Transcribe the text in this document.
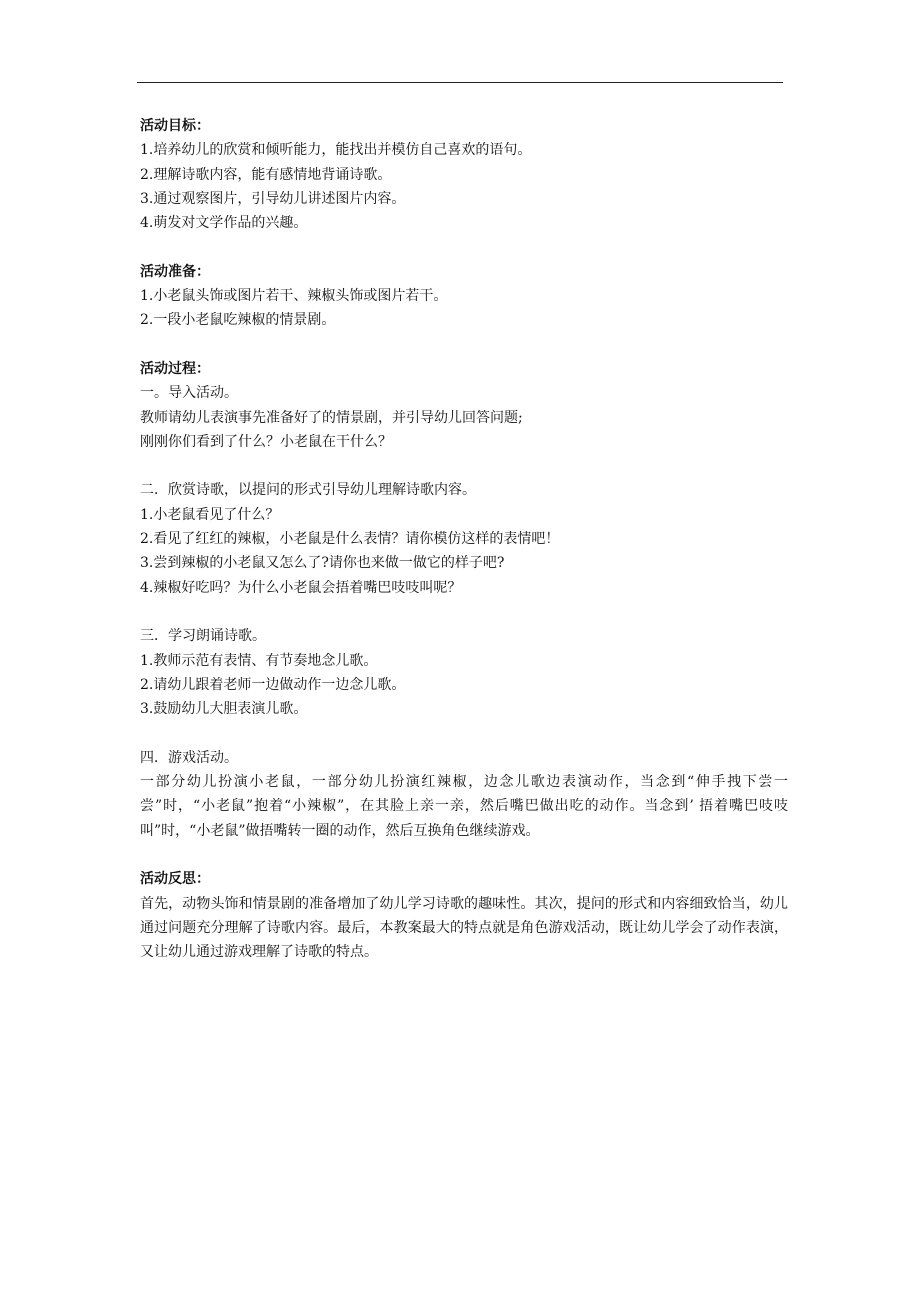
活动目标：
1.培养幼儿的欣赏和倾听能力，能找出并模仿自己喜欢的语句。
2.理解诗歌内容，能有感情地背诵诗歌。
3.通过观察图片，引导幼儿讲述图片内容。
4.萌发对文学作品的兴趣。
活动准备：
1.小老鼠头饰或图片若干、辣椒头饰或图片若干。
2.一段小老鼠吃辣椒的情景剧。
活动过程：
一。导入活动。
教师请幼儿表演事先准备好了的情景剧，并引导幼儿回答问题;
刚刚你们看到了什么？小老鼠在干什么？
二．欣赏诗歌，以提问的形式引导幼儿理解诗歌内容。
1.小老鼠看见了什么？
2.看见了红红的辣椒，小老鼠是什么表情？请你模仿这样的表情吧！
3.尝到辣椒的小老鼠又怎么了?请你也来做一做它的样子吧?
4.辣椒好吃吗？为什么小老鼠会捂着嘴巴吱吱叫呢？
三．学习朗诵诗歌。
1.教师示范有表情、有节奏地念儿歌。
2.请幼儿跟着老师一边做动作一边念儿歌。
3.鼓励幼儿大胆表演儿歌。
四．游戏活动。
一部分幼儿扮演小老鼠，一部分幼儿扮演红辣椒，边念儿歌边表演动作，当念到“伸手拽下尝一尝”时，“小老鼠”抱着“小辣椒”，在其脸上亲一亲，然后嘴巴做出吃的动作。当念到’ 捂着嘴巴吱吱叫”时，“小老鼠”做捂嘴转一圈的动作，然后互换角色继续游戏。
活动反思：
首先，动物头饰和情景剧的准备增加了幼儿学习诗歌的趣味性。其次，提问的形式和内容细致恰当，幼儿通过问题充分理解了诗歌内容。最后，本教案最大的特点就是角色游戏活动，既让幼儿学会了动作表演，又让幼儿通过游戏理解了诗歌的特点。
